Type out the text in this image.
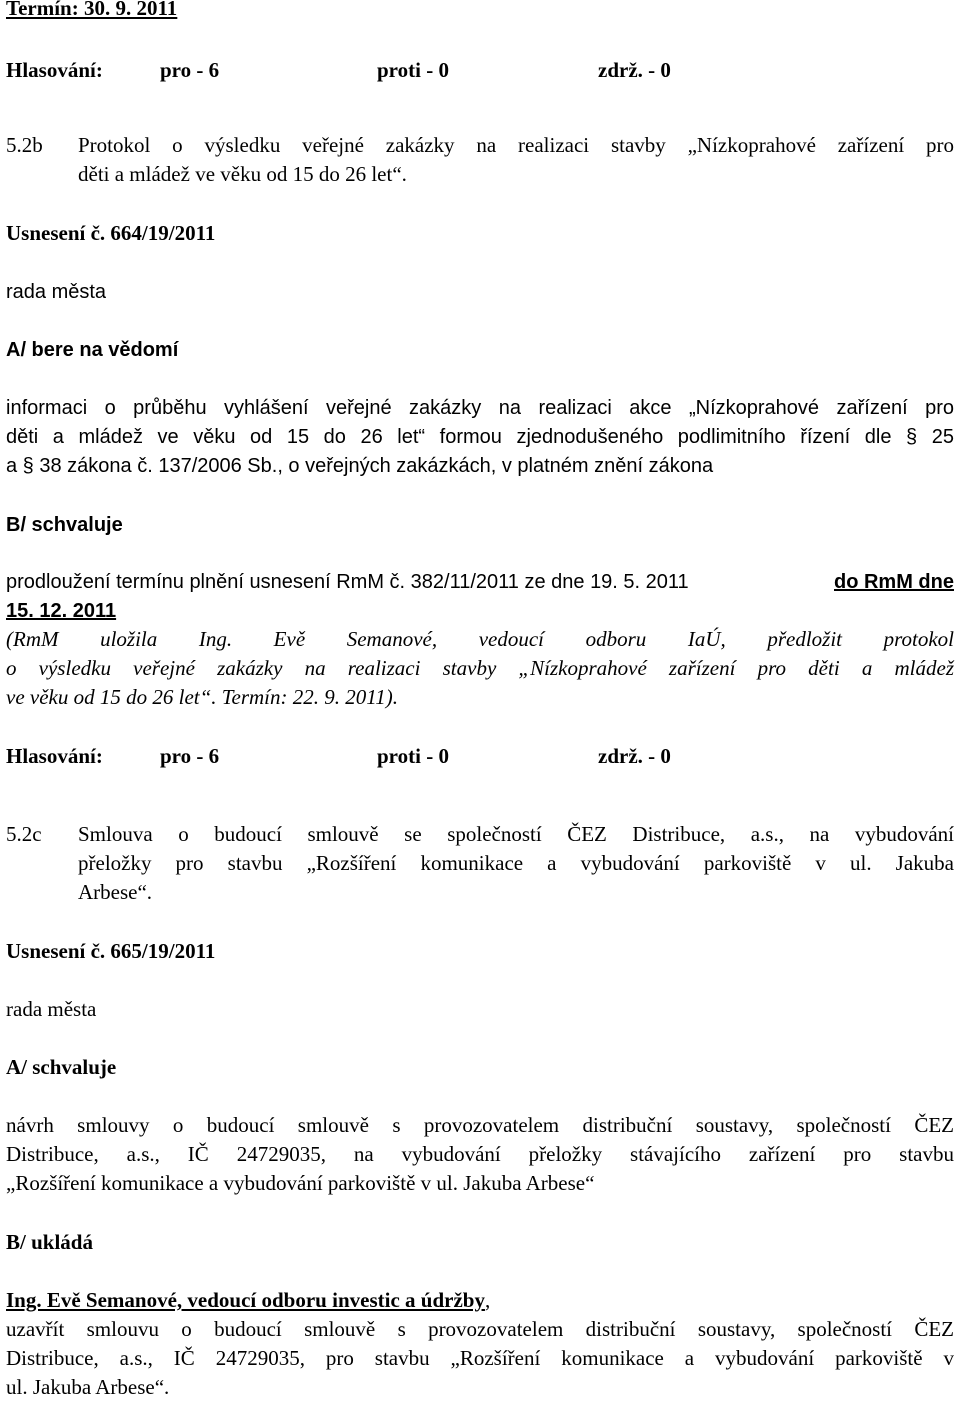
Termín: 30. 9. 2011

Hlasování:	pro - 6	proti - 0	zdrž. - 0
5.2b Protokol o výsledku veřejné zakázky na realizaci stavby „Nízkoprahové zařízení pro
děti a mládež ve věku od 15 do 26 let“.

Usnesení č. 664/19/2011

rada města

A/ bere na vědomí

informaci o průběhu vyhlášení veřejné zakázky na realizaci akce „Nízkoprahové zařízení pro
děti a mládež ve věku od 15 do 26 let“ formou zjednodušeného podlimitního řízení dle § 25
a § 38 zákona č. 137/2006 Sb., o veřejných zakázkách, v platném znění zákona

B/ schvaluje

prodloužení termínu plnění usnesení RmM č. 382/11/2011 ze dne 19. 5. 2011	do RmM dne
15. 12. 2011
(RmM uložila Ing. Evě Semanové, vedoucí odboru IaÚ, předložit protokol
o výsledku veřejné zakázky na realizaci stavby „Nízkoprahové zařízení pro děti a mládež
ve věku od 15 do 26 let“. Termín: 22. 9. 2011).
Hlasování:	pro - 6	proti - 0	zdrž. - 0
5.2c Smlouva o budoucí smlouvě se společností ČEZ Distribuce, a.s., na vybudování
přeložky pro stavbu „Rozšíření komunikace a vybudování parkoviště v ul. Jakuba
Arbese“.

Usnesení č. 665/19/2011

rada města

A/ schvaluje

návrh smlouvy o budoucí smlouvě s provozovatelem distribuční soustavy, společností ČEZ
Distribuce, a.s., IČ 24729035, na vybudování přeložky stávajícího zařízení pro stavbu
„Rozšíření komunikace a vybudování parkoviště v ul. Jakuba Arbese“

B/ ukládá

Ing. Evě Semanové, vedoucí odboru investic a údržby,
uzavřít smlouvu o budoucí smlouvě s provozovatelem distribuční soustavy, společností ČEZ
Distribuce, a.s., IČ 24729035, pro stavbu „Rozšíření komunikace a vybudování parkoviště v
ul. Jakuba Arbese“.
